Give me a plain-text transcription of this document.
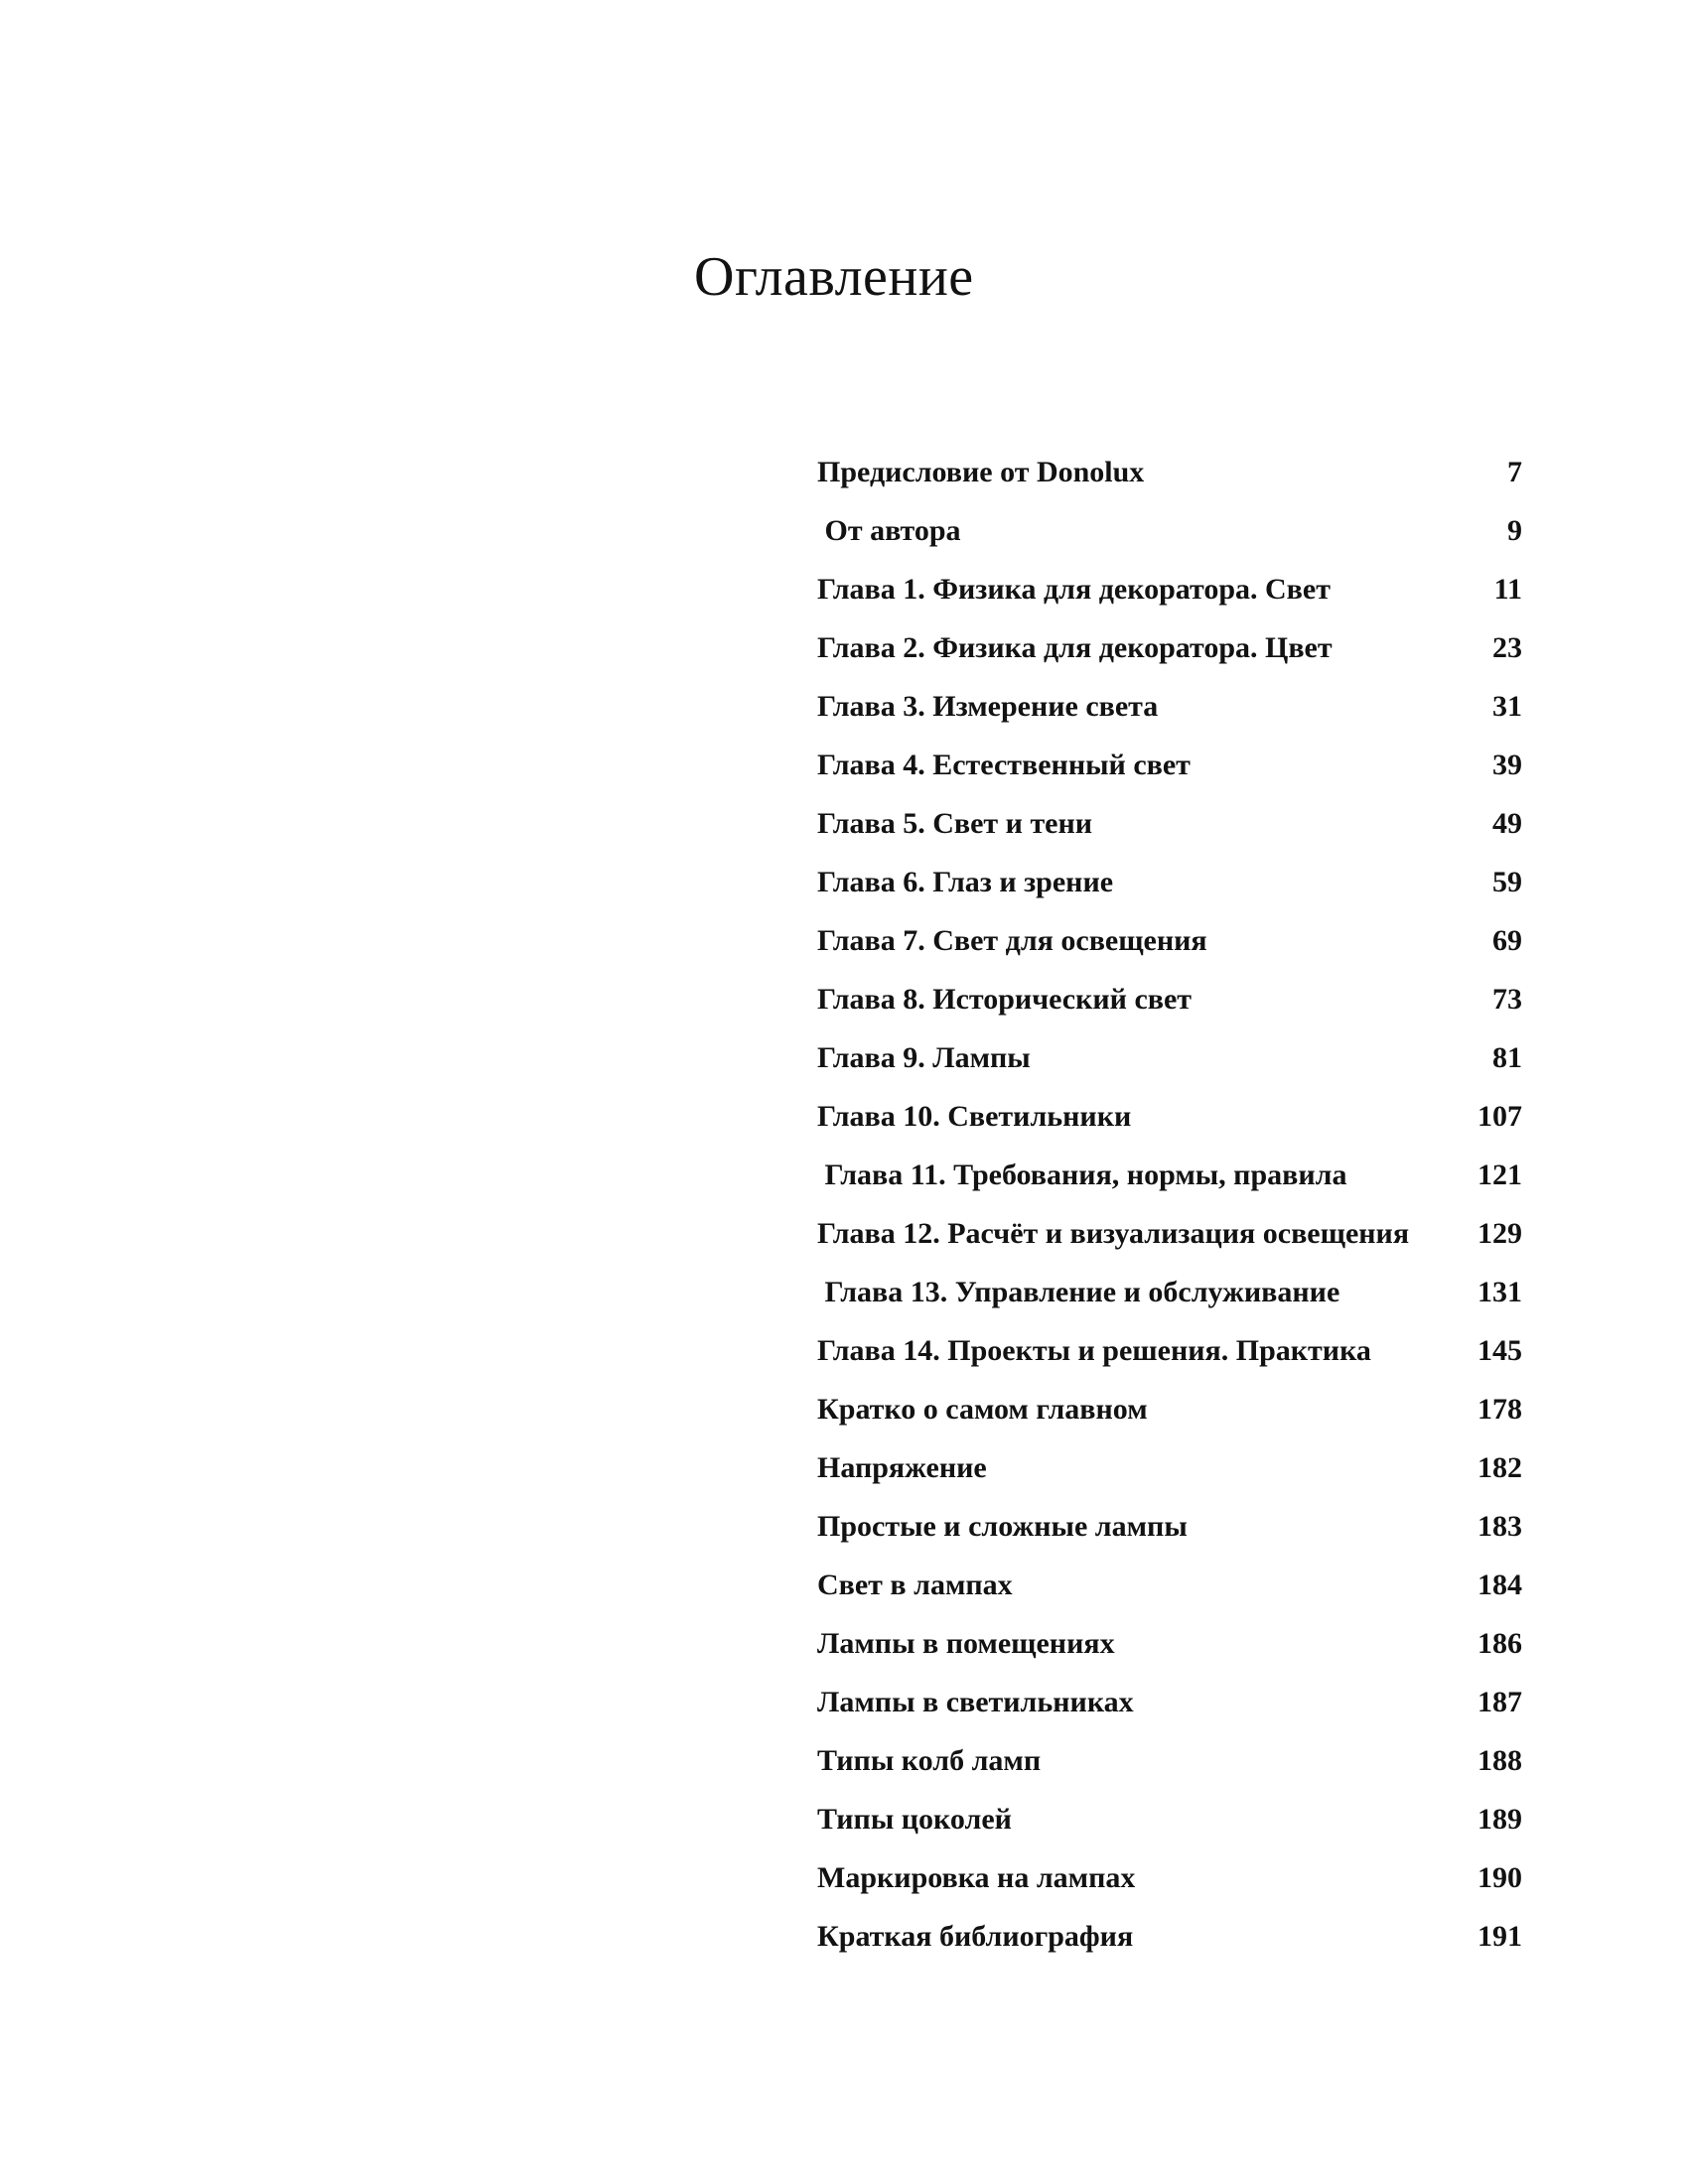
Оглавление
Предисловие от Donolux	7
От автора	9
Глава 1. Физика для декоратора. Свет	11
Глава 2. Физика для декоратора. Цвет	23
Глава 3. Измерение света	31
Глава 4. Естественный свет	39
Глава 5. Свет и тени	49
Глава 6. Глаз и зрение	59
Глава 7. Свет для освещения	69
Глава 8. Исторический свет	73
Глава 9. Лампы	81
Глава 10. Светильники	107
Глава 11. Требования, нормы, правила	121
Глава 12. Расчёт и визуализация освещения	129
Глава 13. Управление и обслуживание	131
Глава 14. Проекты и решения. Практика	145
Кратко о самом главном	178
Напряжение	182
Простые и сложные лампы	183
Свет в лампах	184
Лампы в помещениях	186
Лампы в светильниках	187
Типы колб ламп	188
Типы цоколей	189
Маркировка на лампах	190
Краткая библиография	191
